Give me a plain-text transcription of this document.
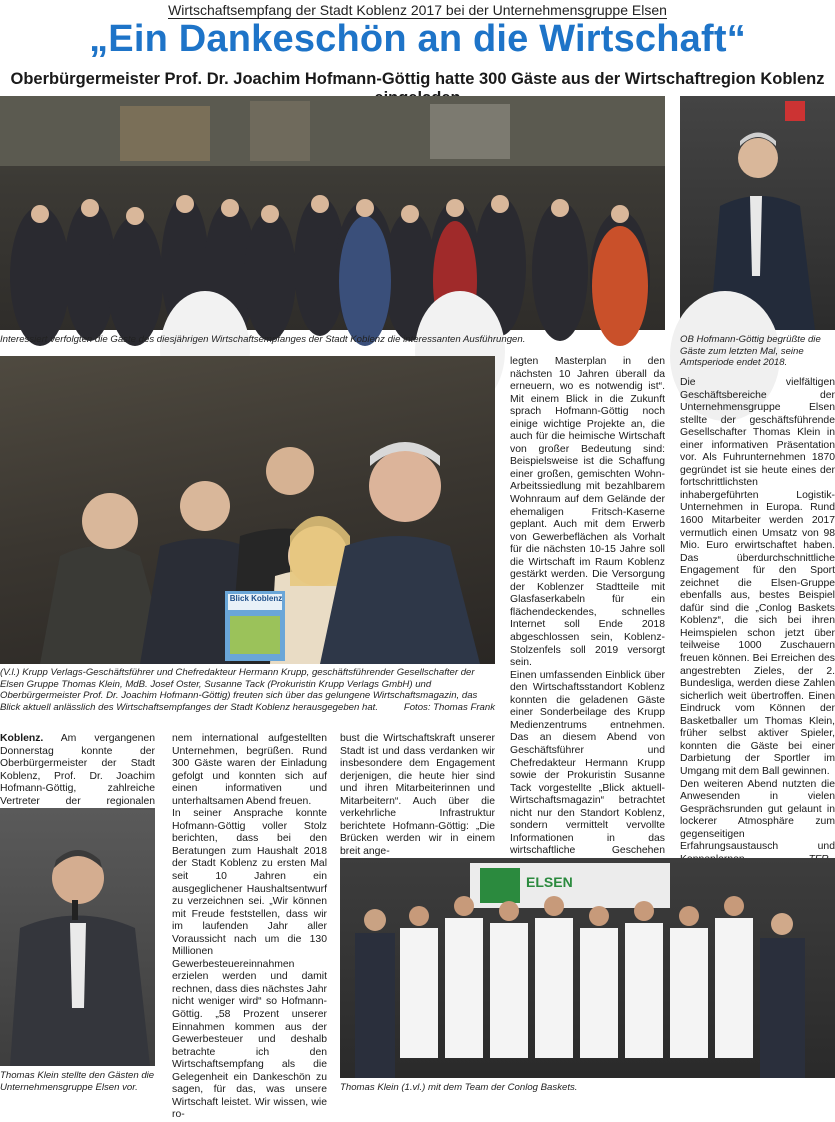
Wirtschaftsempfang der Stadt Koblenz 2017 bei der Unternehmensgruppe Elsen
„Ein Dankeschön an die Wirtschaft“
Oberbürgermeister Prof. Dr. Joachim Hofmann-Göttig hatte 300 Gäste aus der Wirtschaftregion Koblenz
Interessiert verfolgten die Gäste des diesjährigen Wirtschaftsempfanges der Stadt Koblenz die interessanten Ausführungen.	OB Hofmann-Göttig begrüßte die Gäste zum letzten Mal, seine Amtsperiode endet 2018.
Blick Koblenz
(V.l.) Krupp Verlags-Geschäftsführer und Chefredakteur Hermann Krupp, geschäftsführender Gesellschafter der Elsen Gruppe Thomas Klein, MdB. Josef Oster, Susanne Tack (Prokuristin Krupp Verlags GmbH) und Oberbürgermeister Prof. Dr. Joachim Hofmann-Göttig) freuten sich über das gelungene Wirtschaftsmagazin, das Blick aktuell anlässlich des Wirtschaftsempfanges der Stadt Koblenz herausgegeben hat.	Fotos: Thomas Frank

Koblenz. Am vergangenen Donnerstag konnte der Oberbürgermeister der Stadt Koblenz, Prof. Dr. Joachim Hofmann-Göttig, zahlreiche Vertreter der regionalen

Thomas Klein stellte den Gästen die Unternehmensgruppe Elsen vor.
nem international aufgestellten Unternehmen, begrüßen. Rund 300 Gäste waren der Einladung gefolgt und konnten sich auf einen informativen und unterhaltsamen Abend freuen.
In seiner Ansprache konnte Hofmann-Göttig voller Stolz berichten, dass bei den Beratungen zum Haushalt 2018 der Stadt Koblenz zu ersten Mal seit 10 Jahren ein ausgeglichener Haushaltsentwurf zu verzeichnen sei. „Wir können mit Freude feststellen, dass wir im laufenden Jahr aller Voraussicht nach um die 130 Millionen Gewerbesteuereinnahmen erzielen werden und damit rechnen, dass dies nächstes Jahr nicht weniger wird“ so Hofmann-Göttig. „58 Prozent unserer Einnahmen kommen aus der Gewerbesteuer und deshalb betrachte ich den Wirtschaftsempfang als die Gelegenheit ein Dankeschön zu sagen, für das, was unsere Wirtschaft leistet. Wir wissen, wie ro-
bust die Wirtschaftskraft unserer Stadt ist und dass verdanken wir insbesondere dem Engagement derjenigen, die heute hier sind und ihren Mitarbeiterinnen und Mitarbeitern“. Auch über die verkehrliche Infrastruktur berichtete Hofmann-Göttig: „Die Brücken werden wir in einem breit ange-
legten Masterplan in den nächsten 10 Jahren überall da erneuern, wo es notwendig ist“. Mit einem Blick in die Zukunft sprach Hofmann-Göttig noch einige wichtige Projekte an, die auch für die heimische Wirtschaft von großer Bedeutung sind: Beispielsweise ist die Schaffung einer großen, gemischten Wohn-Arbeitssiedlung mit bezahlbarem Wohnraum auf dem Gelände der ehemaligen Fritsch-Kaserne geplant. Auch mit dem Erwerb von Gewerbeflächen als Vorhalt für die nächsten 10-15 Jahre soll die Wirtschaft im Raum Koblenz gestärkt werden. Die Versorgung der Koblenzer Stadtteile mit Glasfaserkabeln für ein flächendeckendes, schnelles Internet soll Ende 2018 abgeschlossen sein, Koblenz-Stolzenfels soll 2019 versorgt sein.
Einen umfassenden Einblick über den Wirtschaftsstandort Koblenz konnten die geladenen Gäste einer Sonderbeilage des Krupp Medienzentrums entnehmen. Das an diesem Abend von Geschäftsführer und Chefredakteur Hermann Krupp sowie der Prokuristin Susanne Tack vorgestellte „Blick aktuell-Wirtschaftsmagazin“ betrachtet nicht nur den Standort Koblenz, sondern vermittelt vervollte Informationen in das wirtschaftliche Geschehen
Die vielfältigen Geschäftsbereiche der Unternehmensgruppe Elsen stellte der geschäftsführende Gesellschafter Thomas Klein in einer informativen Präsentation vor. Als Fuhrunternehmen 1870 gegründet ist sie heute eines der fortschrittlichsten inhabergeführten Logistik-Unternehmen in Europa. Rund 1600 Mitarbeiter werden 2017 vermutlich einen Umsatz von 98 Mio. Euro erwirtschaftet haben. Das überdurchschnittliche Engagement für den Sport zeichnet die Elsen-Gruppe ebenfalls aus, bestes Beispiel dafür sind die „Conlog Baskets Koblenz“, die sich bei ihren Heimspielen schon jetzt über teilweise 1000 Zuschauern freuen können. Bei Erreichen des angestrebten Zieles, der 2. Bundesliga, werden diese Zahlen sicherlich weit übertroffen. Einen Eindruck vom Können der Basketballer um Thomas Klein, früher selbst aktiver Spieler, konnten die Gäste bei einer Darbietung der Sportler im Umgang mit dem Ball gewinnen.
Den weiteren Abend nutzten die Anwesenden in vielen Gesprächsrunden gut gelaunt in lockerer Atmosphäre zum gegenseitigen Erfahrungsaustausch und
ELSEN
Thomas Klein (1.vl.) mit dem Team der Conlog Baskets.
